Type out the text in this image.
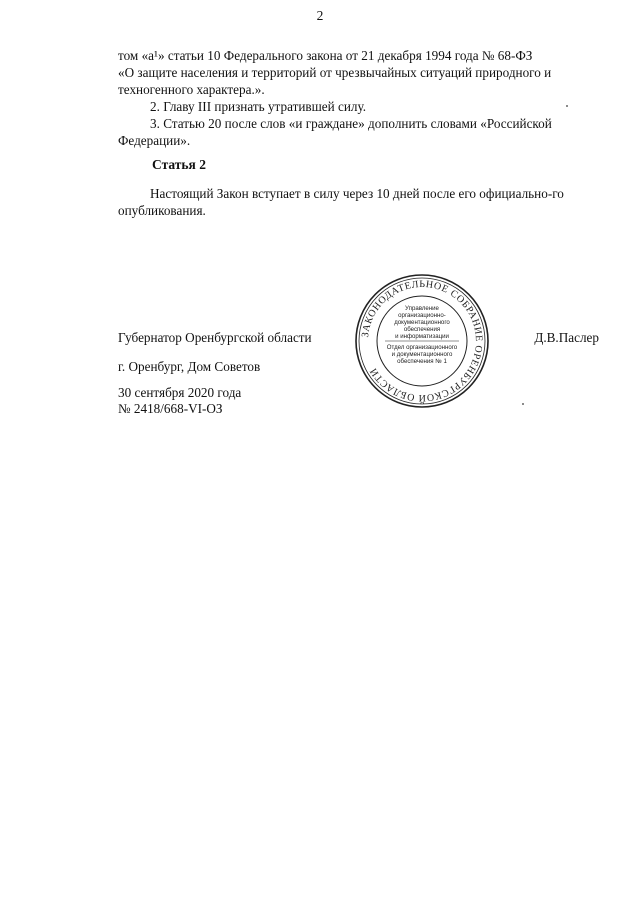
2

том «а¹» статьи 10 Федерального закона от 21 декабря 1994 года № 68-ФЗ

«О защите населения и территорий от чрезвычайных ситуаций природного и

техногенного характера.».

2. Главу III признать утратившей силу.

3. Статью 20 после слов «и граждане» дополнить словами «Российской Федерации».

Статья 2

Настоящий Закон вступает в силу через 10 дней после его официально-го опубликования.

Губернатор Оренбургской области	Д.В.Паслер
г. Оренбург, Дом Советов
30 сентября 2020 года
№ 2418/668-VI-ОЗ
ЗАКОНОДАТЕЛЬНОЕ СОБРАНИЕ ОРЕНБУРГСКОЙ ОБЛАСТИ
Управление
организационно-
документационного
обеспечения
и информатизации
Отдел организационного
и документационного
обеспечения № 1
